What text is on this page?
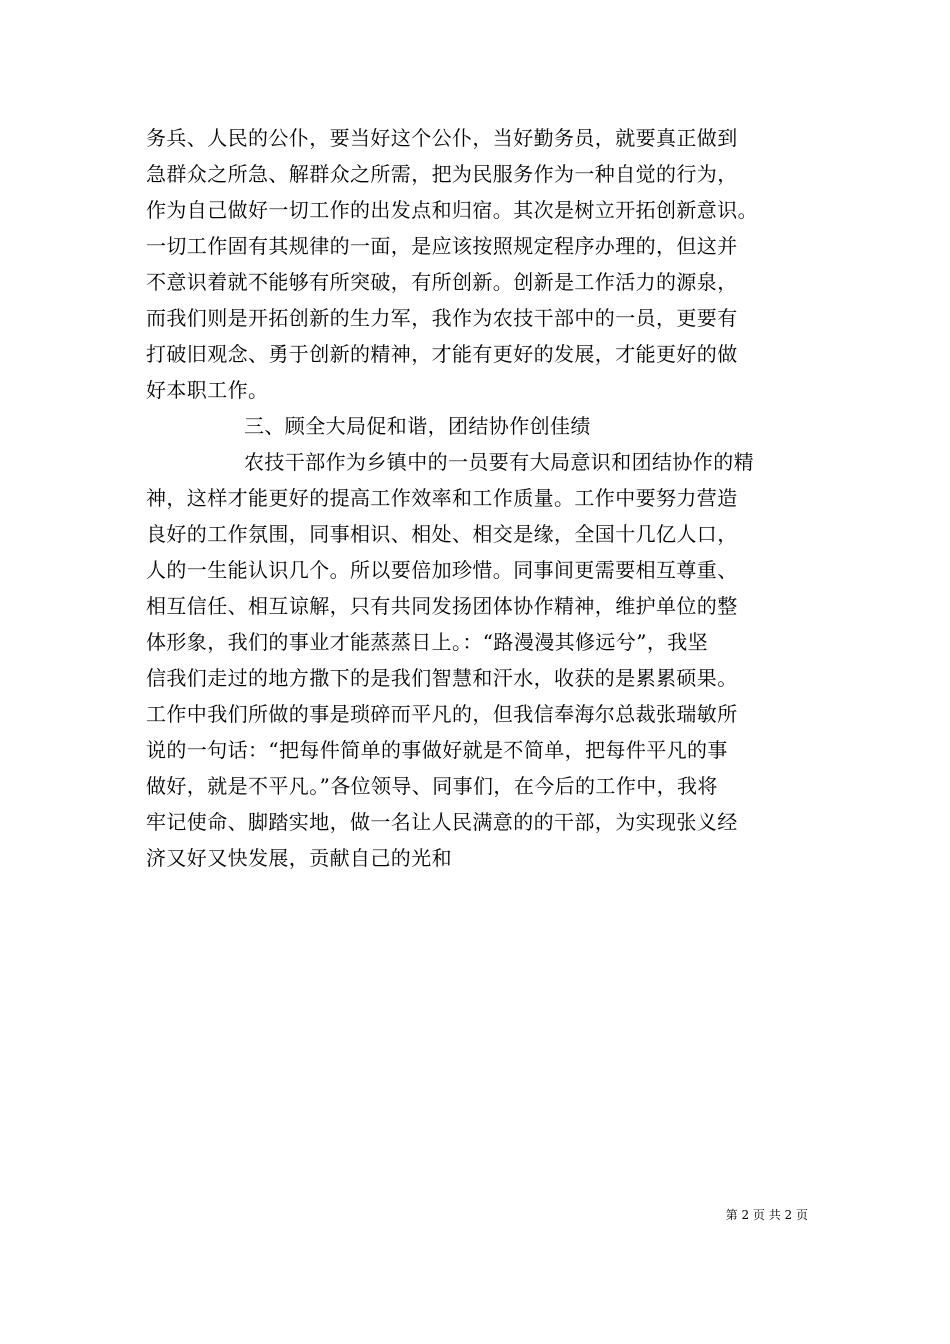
务兵、人民的公仆，要当好这个公仆，当好勤务员，就要真正做到
急群众之所急、解群众之所需，把为民服务作为一种自觉的行为，
作为自己做好一切工作的出发点和归宿。其次是树立开拓创新意识。
一切工作固有其规律的一面，是应该按照规定程序办理的，但这并
不意识着就不能够有所突破，有所创新。创新是工作活力的源泉，
而我们则是开拓创新的生力军，我作为农技干部中的一员，更要有
打破旧观念、勇于创新的精神，才能有更好的发展，才能更好的做
好本职工作。
三、顾全大局促和谐，团结协作创佳绩
农技干部作为乡镇中的一员要有大局意识和团结协作的精
神，这样才能更好的提高工作效率和工作质量。工作中要努力营造
良好的工作氛围，同事相识、相处、相交是缘，全国十几亿人口，
人的一生能认识几个。所以要倍加珍惜。同事间更需要相互尊重、
相互信任、相互谅解，只有共同发扬团体协作精神，维护单位的整
体形象，我们的事业才能蒸蒸日上。：“路漫漫其修远兮”，我坚
信我们走过的地方撒下的是我们智慧和汗水，收获的是累累硕果。
工作中我们所做的事是琐碎而平凡的，但我信奉海尔总裁张瑞敏所
说的一句话：“把每件简单的事做好就是不简单，把每件平凡的事
做好，就是不平凡。”各位领导、同事们，在今后的工作中，我将
牢记使命、脚踏实地，做一名让人民满意的的干部，为实现张义经
济又好又快发展，贡献自己的光和
第 2 页 共 2 页
